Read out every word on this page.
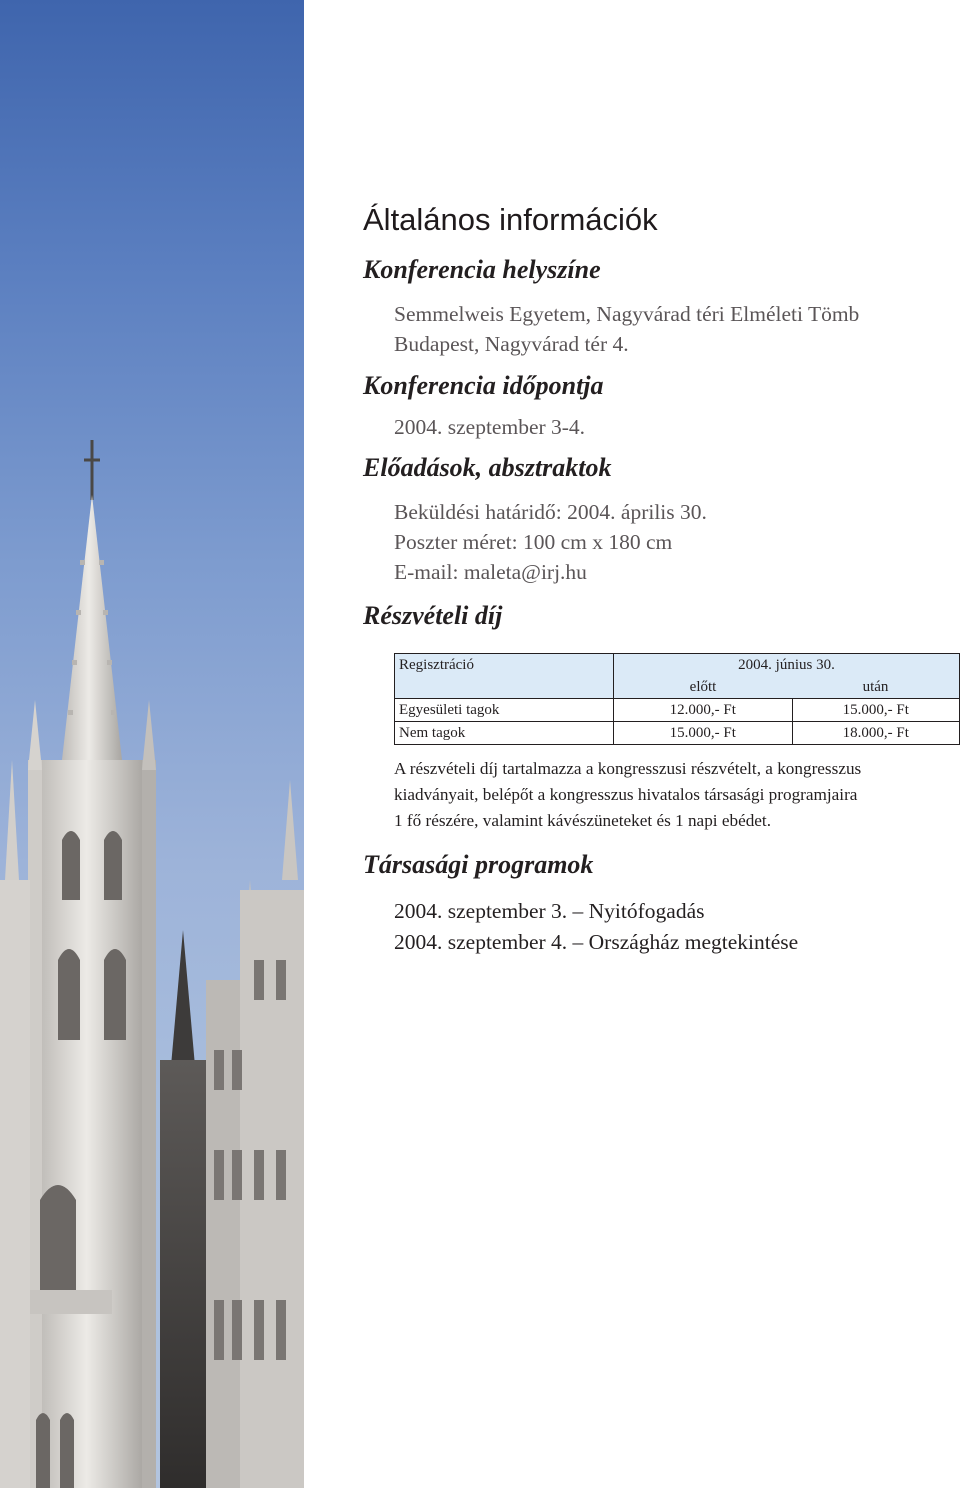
Általános információk
Konferencia helyszíne

Semmelweis Egyetem, Nagyvárad téri Elméleti Tömb

Budapest, Nagyvárad tér 4.

Konferencia időpontja

2004. szeptember 3-4.

Előadások, absztraktok

Beküldési határidő: 2004. április 30.

Poszter méret: 100 cm x 180 cm

E-mail: maleta@irj.hu

Részvételi díj
Regisztráció	2004. június 30.	
	előtt	után
Egyesületi tagok	12.000,- Ft	15.000,- Ft
Nem tagok	15.000,- Ft	18.000,- Ft

A részvételi díj tartalmazza a kongresszusi részvételt, a kongresszus

kiadványait, belépőt a kongresszus hivatalos társasági programjaira

1 fő részére, valamint kávészüneteket és 1 napi ebédet.

Társasági programok

2004. szeptember 3. – Nyitófogadás

2004. szeptember 4. – Országház megtekintése
